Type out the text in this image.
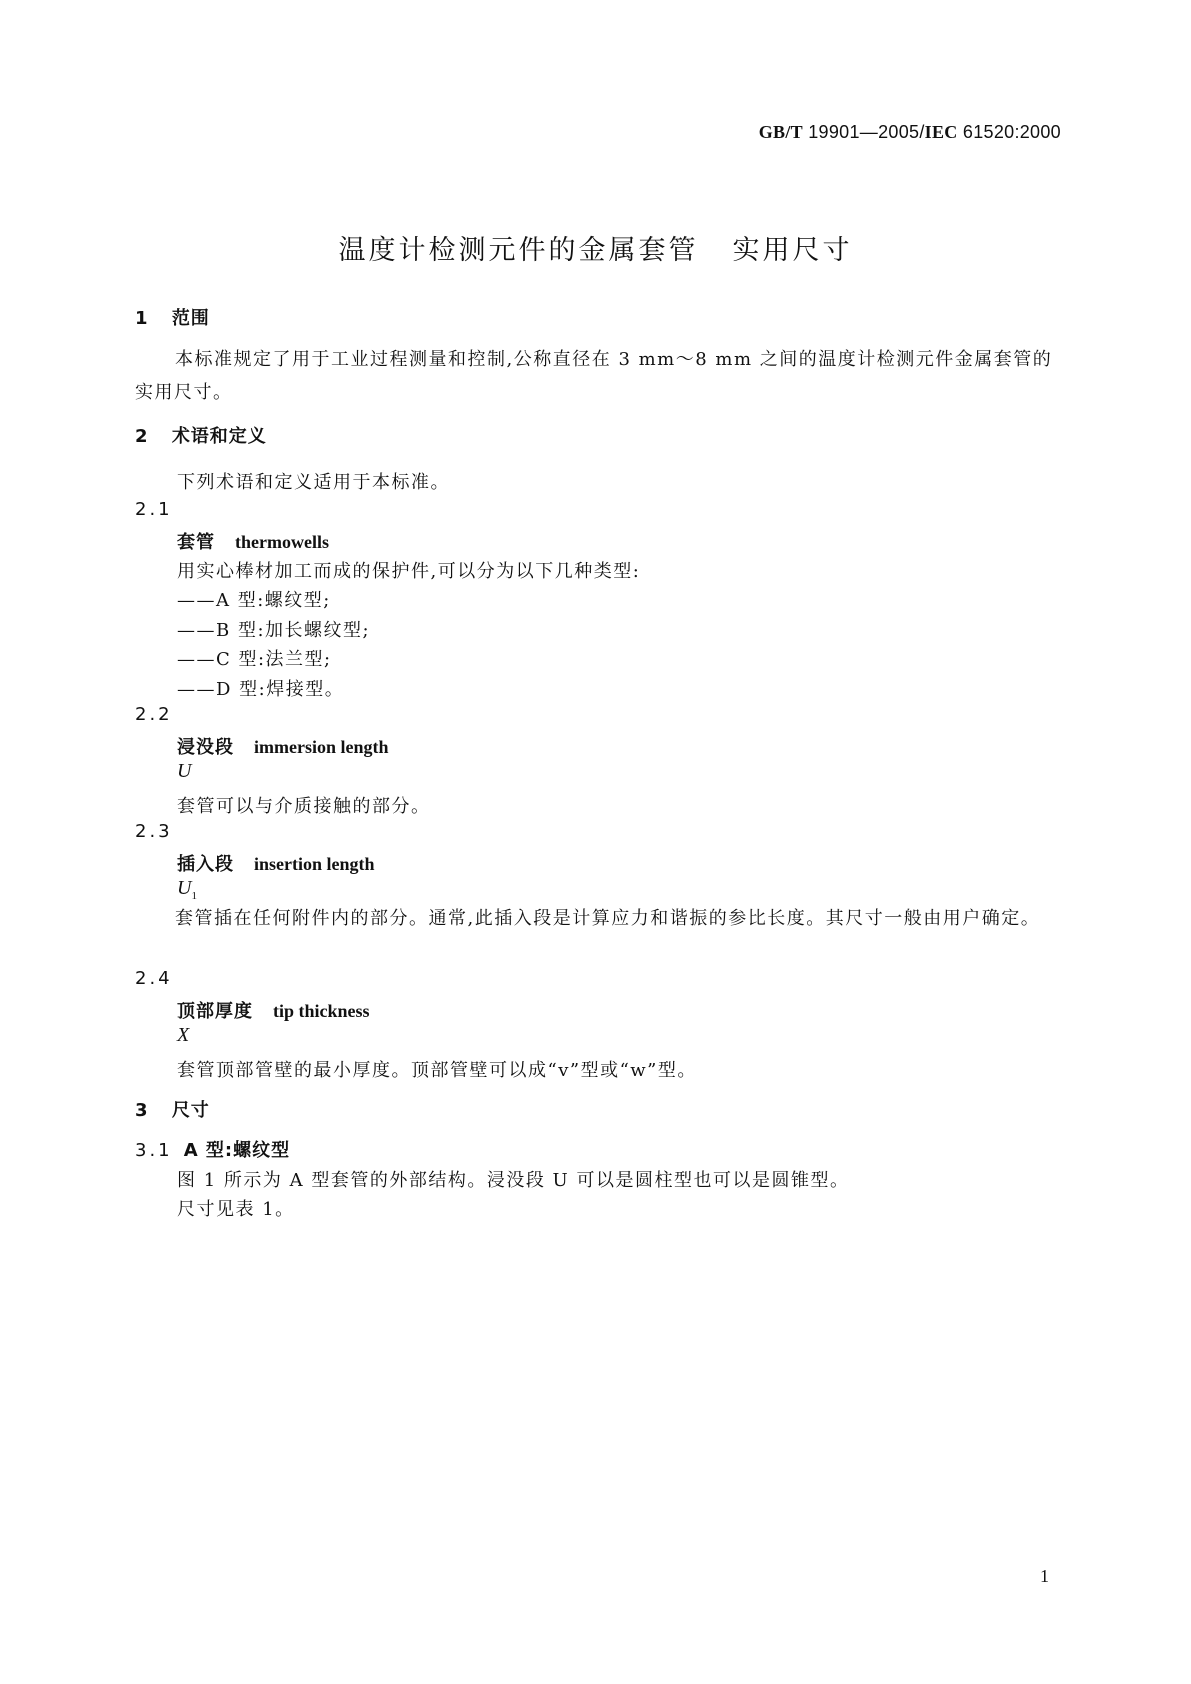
GB/T 19901—2005/IEC 61520:2000
温度计检测元件的金属套管 实用尺寸
1 范围
本标准规定了用于工业过程测量和控制,公称直径在 3 mm～8 mm 之间的温度计检测元件金属套管的实用尺寸。
2 术语和定义
下列术语和定义适用于本标准。
2.1
套管 thermowells
用实心棒材加工而成的保护件,可以分为以下几种类型:
——A 型:螺纹型;
——B 型:加长螺纹型;
——C 型:法兰型;
——D 型:焊接型。
2.2
浸没段 immersion length
U
套管可以与介质接触的部分。
2.3
插入段 insertion length
$U_1$
套管插在任何附件内的部分。通常,此插入段是计算应力和谐振的参比长度。其尺寸一般由用户确定。
2.4
顶部厚度 tip thickness
X
套管顶部管壁的最小厚度。顶部管壁可以成“v”型或“w”型。
3 尺寸
3.1 A 型:螺纹型
图 1 所示为 A 型套管的外部结构。浸没段 U 可以是圆柱型也可以是圆锥型。
尺寸见表 1。
1
